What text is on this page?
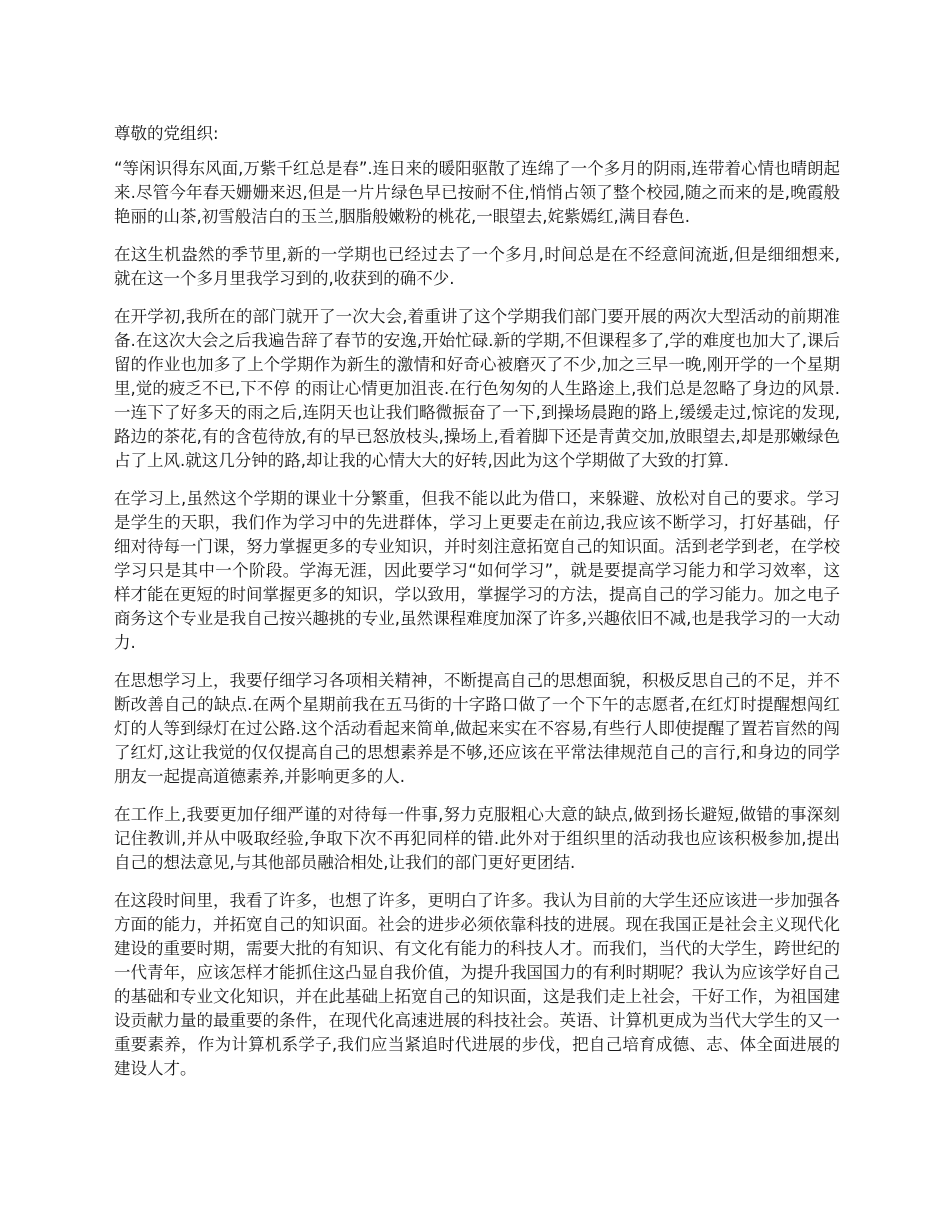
尊敬的党组织:

“等闲识得东风面,万紫千红总是春”.连日来的暖阳驱散了连绵了一个多月的阴雨,连带着心情也晴朗起来.尽管今年春天姗姗来迟,但是一片片绿色早已按耐不住,悄悄占领了整个校园,随之而来的是,晚霞般艳丽的山茶,初雪般洁白的玉兰,胭脂般嫩粉的桃花,一眼望去,姹紫嫣红,满目春色.

在这生机盎然的季节里,新的一学期也已经过去了一个多月,时间总是在不经意间流逝,但是细细想来,就在这一个多月里我学习到的,收获到的确不少.

在开学初,我所在的部门就开了一次大会,着重讲了这个学期我们部门要开展的两次大型活动的前期准备.在这次大会之后我遍告辞了春节的安逸,开始忙碌.新的学期,不但课程多了,学的难度也加大了,课后留的作业也加多了上个学期作为新生的激情和好奇心被磨灭了不少,加之三早一晚,刚开学的一个星期里,觉的疲乏不已,下不停 的雨让心情更加沮丧.在行色匆匆的人生路途上,我们总是忽略了身边的风景.一连下了好多天的雨之后,连阴天也让我们略微振奋了一下,到操场晨跑的路上,缓缓走过,惊诧的发现,路边的茶花,有的含苞待放,有的早已怒放枝头,操场上,看着脚下还是青黄交加,放眼望去,却是那嫩绿色占了上风.就这几分钟的路,却让我的心情大大的好转,因此为这个学期做了大致的打算.

在学习上,虽然这个学期的课业十分繁重，但我不能以此为借口，来躲避、放松对自己的要求。学习是学生的天职，我们作为学习中的先进群体，学习上更要走在前边,我应该不断学习，打好基础，仔细对待每一门课，努力掌握更多的专业知识，并时刻注意拓宽自己的知识面。活到老学到老，在学校学习只是其中一个阶段。学海无涯，因此要学习“如何学习”，就是要提高学习能力和学习效率，这样才能在更短的时间掌握更多的知识，学以致用，掌握学习的方法，提高自己的学习能力。加之电子商务这个专业是我自己按兴趣挑的专业,虽然课程难度加深了许多,兴趣依旧不减,也是我学习的一大动力.

在思想学习上，我要仔细学习各项相关精神，不断提高自己的思想面貌，积极反思自己的不足，并不断改善自己的缺点.在两个星期前我在五马街的十字路口做了一个下午的志愿者,在红灯时提醒想闯红灯的人等到绿灯在过公路.这个活动看起来简单,做起来实在不容易,有些行人即使提醒了置若盲然的闯了红灯,这让我觉的仅仅提高自己的思想素养是不够,还应该在平常法律规范自己的言行,和身边的同学朋友一起提高道德素养,并影响更多的人.

在工作上,我要更加仔细严谨的对待每一件事,努力克服粗心大意的缺点,做到扬长避短,做错的事深刻记住教训,并从中吸取经验,争取下次不再犯同样的错.此外对于组织里的活动我也应该积极参加,提出自己的想法意见,与其他部员融洽相处,让我们的部门更好更团结.

在这段时间里，我看了许多，也想了许多，更明白了许多。我认为目前的大学生还应该进一步加强各方面的能力，并拓宽自己的知识面。社会的进步必须依靠科技的进展。现在我国正是社会主义现代化建设的重要时期，需要大批的有知识、有文化有能力的科技人才。而我们，当代的大学生，跨世纪的一代青年，应该怎样才能抓住这凸显自我价值，为提升我国国力的有利时期呢？我认为应该学好自己的基础和专业文化知识，并在此基础上拓宽自己的知识面，这是我们走上社会，干好工作，为祖国建设贡献力量的最重要的条件，在现代化高速进展的科技社会。英语、计算机更成为当代大学生的又一重要素养，作为计算机系学子,我们应当紧追时代进展的步伐，把自己培育成德、志、体全面进展的建设人才。
